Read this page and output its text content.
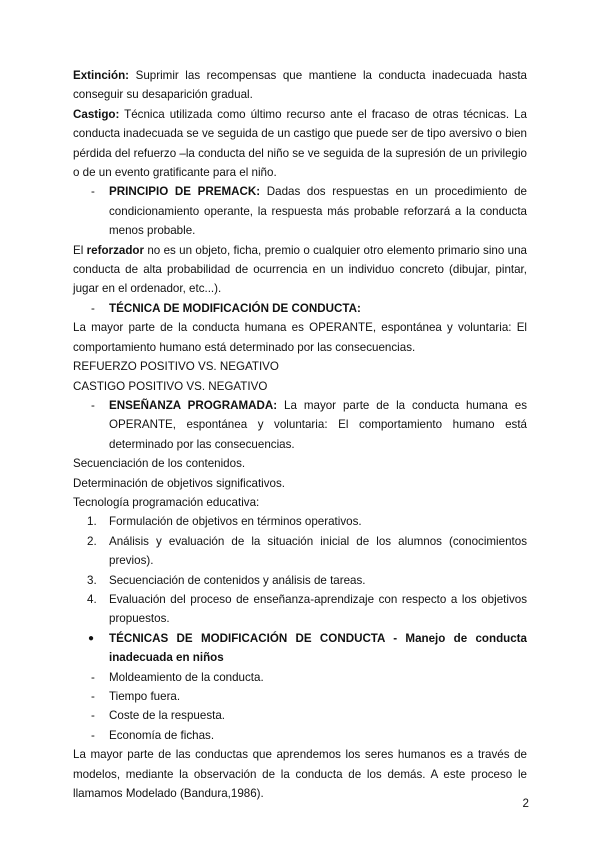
Extinción: Suprimir las recompensas que mantiene la conducta inadecuada hasta conseguir su desaparición gradual.

Castigo: Técnica utilizada como último recurso ante el fracaso de otras técnicas. La conducta inadecuada se ve seguida de un castigo que puede ser de tipo aversivo o bien pérdida del refuerzo –la conducta del niño se ve seguida de la supresión de un privilegio o de un evento gratificante para el niño.

- PRINCIPIO DE PREMACK: Dadas dos respuestas en un procedimiento de condicionamiento operante, la respuesta más probable reforzará a la conducta menos probable.

El reforzador no es un objeto, ficha, premio o cualquier otro elemento primario sino una conducta de alta probabilidad de ocurrencia en un individuo concreto (dibujar, pintar, jugar en el ordenador, etc...).

- TÉCNICA DE MODIFICACIÓN DE CONDUCTA:

La mayor parte de la conducta humana es OPERANTE, espontánea y voluntaria: El comportamiento humano está determinado por las consecuencias.

REFUERZO POSITIVO VS. NEGATIVO

CASTIGO POSITIVO VS. NEGATIVO

- ENSEÑANZA PROGRAMADA: La mayor parte de la conducta humana es OPERANTE, espontánea y voluntaria: El comportamiento humano está determinado por las consecuencias.

Secuenciación de los contenidos.

Determinación de objetivos significativos.

Tecnología programación educativa:

1. Formulación de objetivos en términos operativos.
2. Análisis y evaluación de la situación inicial de los alumnos (conocimientos previos).
3. Secuenciación de contenidos y análisis de tareas.
4. Evaluación del proceso de enseñanza-aprendizaje con respecto a los objetivos propuestos.
● TÉCNICAS DE MODIFICACIÓN DE CONDUCTA - Manejo de conducta inadecuada en niños
- Moldeamiento de la conducta.
- Tiempo fuera.
- Coste de la respuesta.
- Economía de fichas.

La mayor parte de las conductas que aprendemos los seres humanos es a través de modelos, mediante la observación de la conducta de los demás. A este proceso le llamamos Modelado (Bandura,1986).

2
